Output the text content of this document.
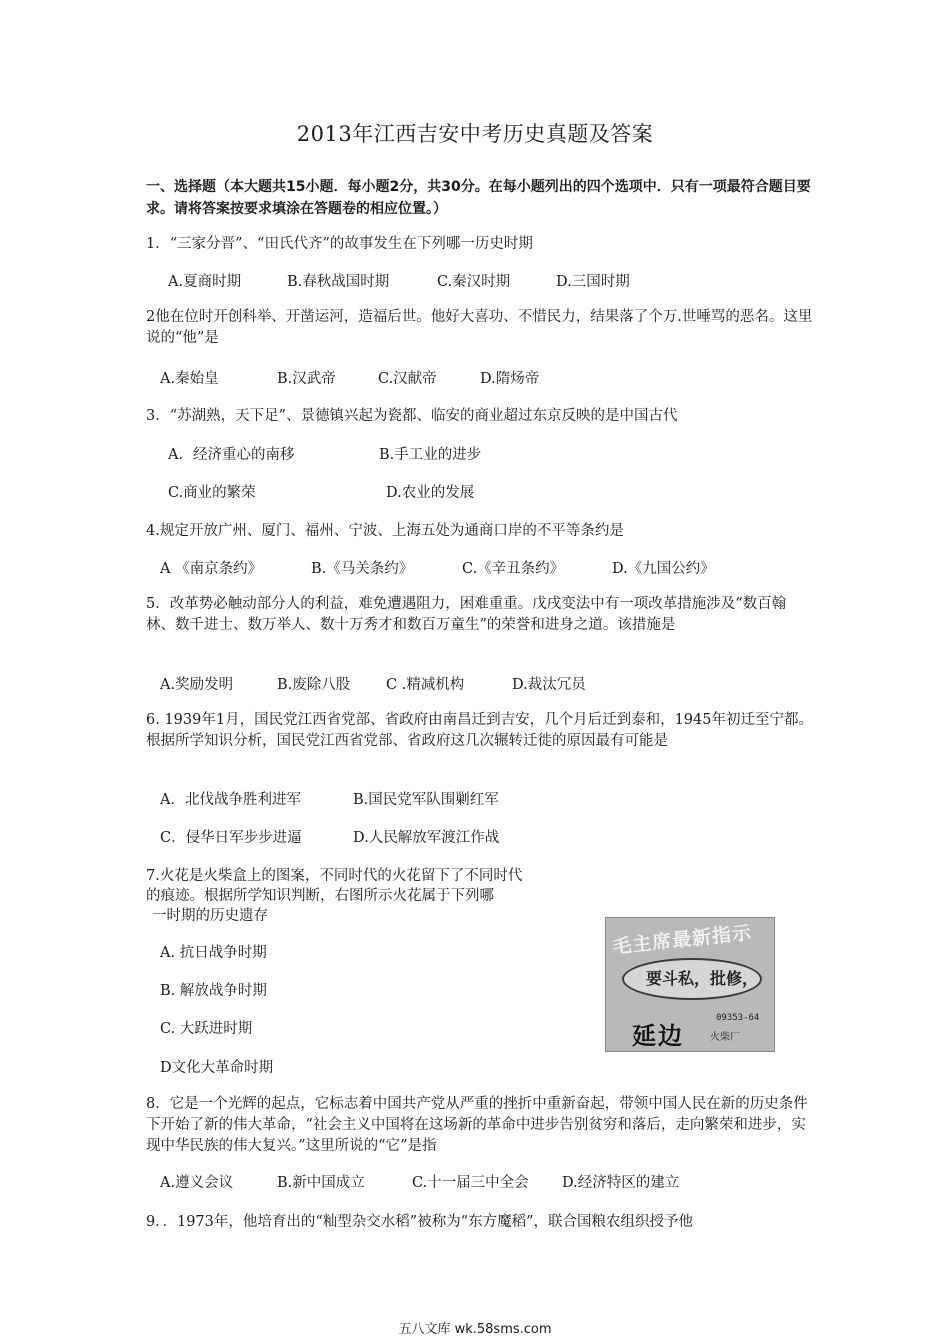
2013年江西吉安中考历史真题及答案
一、选择题（本大题共15小题．每小题2分，共30分。在每小题列出的四个选项中．只有一项最符合题目要求。请将答案按要求填涂在答题卷的相应位置。）
1．“三家分晋”、“田氏代齐”的故事发生在下列哪一历史时期
A.夏商时期	B.春秋战国时期	C.秦汉时期	D.三国时期
2他在位时开创科举、开凿运河，造福后世。他好大喜功、不惜民力，结果落了个万.世唾骂的恶名。这里说的“他”是
A.秦始皇	B.汉武帝	C.汉献帝	D.隋炀帝
3．“苏湖熟，天下足”、景德镇兴起为瓷都、临安的商业超过东京反映的是中国古代
A．经济重心的南移	B.手工业的进步
C.商业的繁荣	D.农业的发展
4.规定开放广州、厦门、福州、宁波、上海五处为通商口岸的不平等条约是
A 《南京条约》	B.《马关条约》	C.《辛丑条约》	D.《九国公约》
5．改革势必触动部分人的利益，难免遭遇阻力，困难重重。戊戌变法中有一项改革措施涉及“数百翰林、数千进士、数万举人、数十万秀才和数百万童生”的荣誉和进身之道。该措施是
A.奖励发明	B.废除八股 C .精减机构	D.裁汰冗员
6. 1939年1月，国民党江西省党部、省政府由南昌迁到吉安，几个月后迁到泰和，1945年初迁至宁都。根据所学知识分析，国民党江西省党部、省政府这几次辗转迁徙的原因最有可能是
A．北伐战争胜利进军	B.国民党军队围剿红军
C．侵华日军步步进逼	D.人民解放军渡江作战
7.火花是火柴盒上的图案，不同时代的火花留下了不同时代
的痕迹。根据所学知识判断，右图所示火花属于下列哪
一时期的历史遗存
A. 抗日战争时期
B. 解放战争时期
C. 大跃进时期
D文化大革命时期
毛主席最新指示
要斗私，批修，
09353-64
延边	火柴厂
8．它是一个光辉的起点，它标志着中国共产党从严重的挫折中重新奋起，带领中国人民在新的历史条件下开始了新的伟大革命，“社会主义中国将在这场新的革命中进步告别贫穷和落后，走向繁荣和进步，实现中华民族的伟大复兴。”这里所说的“它”是指
A.遵义会议	B.新中国成立	C.十一届三中全会 D.经济特区的建立
9．．1973年，他培育出的“籼型杂交水稻”被称为“东方魔稻”，联合国粮农组织授予他
五八文库 wk.58sms.com
